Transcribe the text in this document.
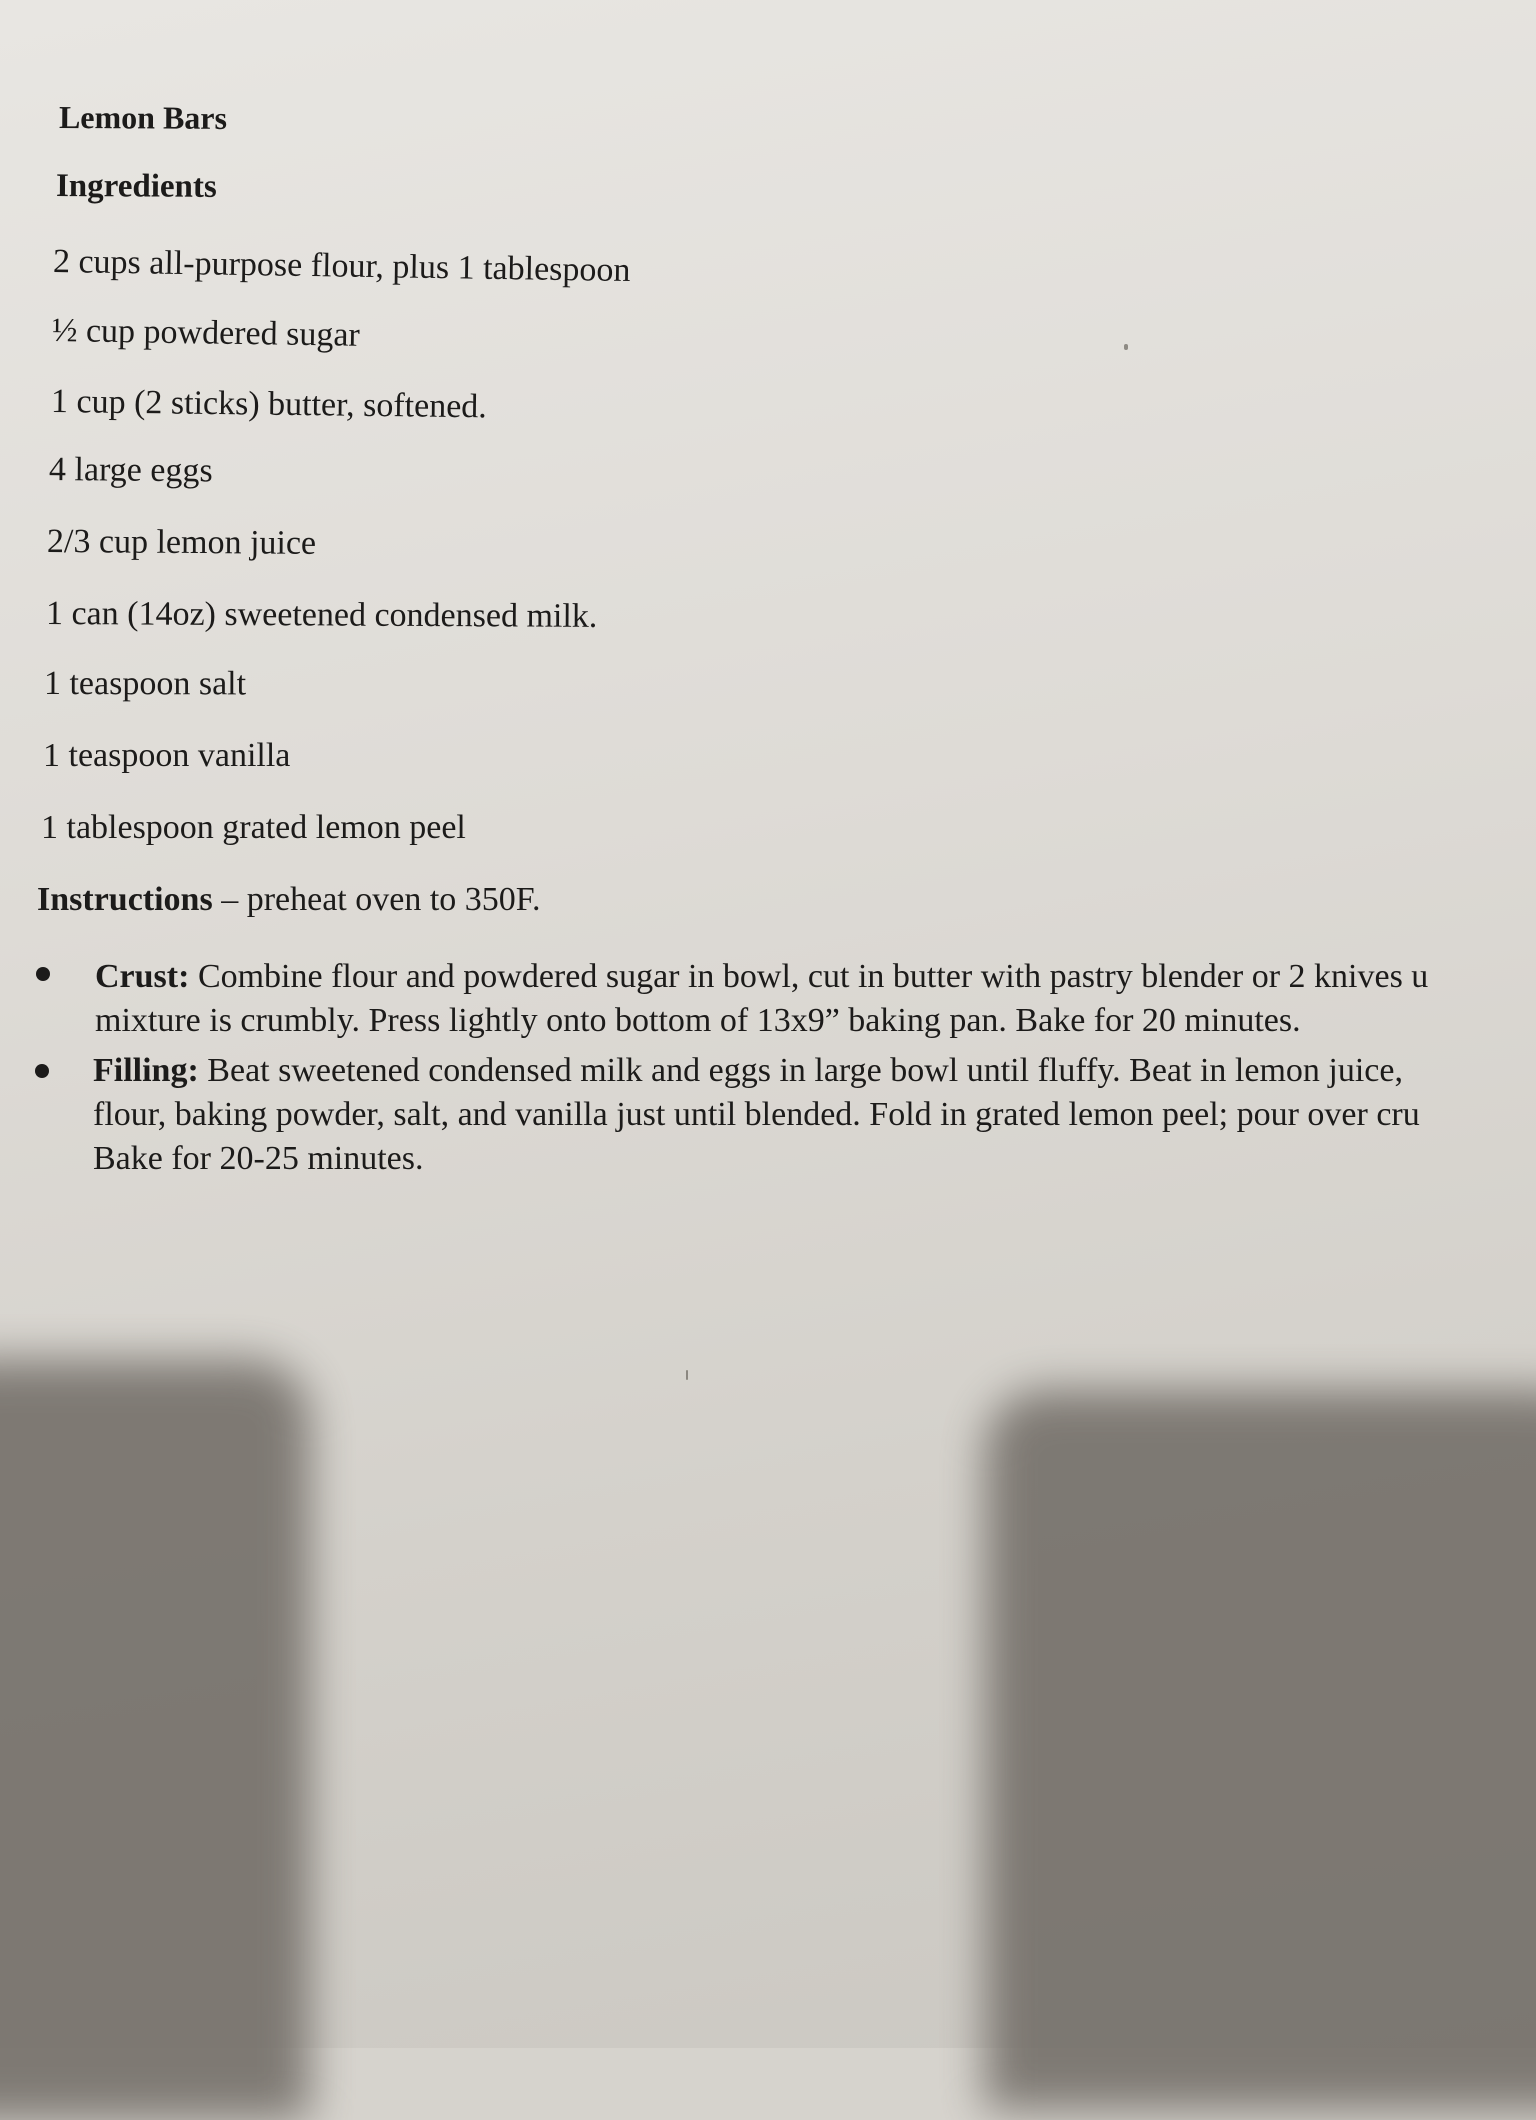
Lemon Bars
Ingredients
2 cups all-purpose flour, plus 1 tablespoon
½ cup powdered sugar
1 cup (2 sticks) butter, softened.
4 large eggs
2/3 cup lemon juice
1 can (14oz) sweetened condensed milk.
1 teaspoon salt
1 teaspoon vanilla
1 tablespoon grated lemon peel
Instructions – preheat oven to 350F.
Crust: Combine flour and powdered sugar in bowl, cut in butter with pastry blender or 2 knives u
mixture is crumbly. Press lightly onto bottom of 13x9” baking pan. Bake for 20 minutes.
Filling: Beat sweetened condensed milk and eggs in large bowl until fluffy. Beat in lemon juice,
flour, baking powder, salt, and vanilla just until blended. Fold in grated lemon peel; pour over cru
Bake for 20-25 minutes.
